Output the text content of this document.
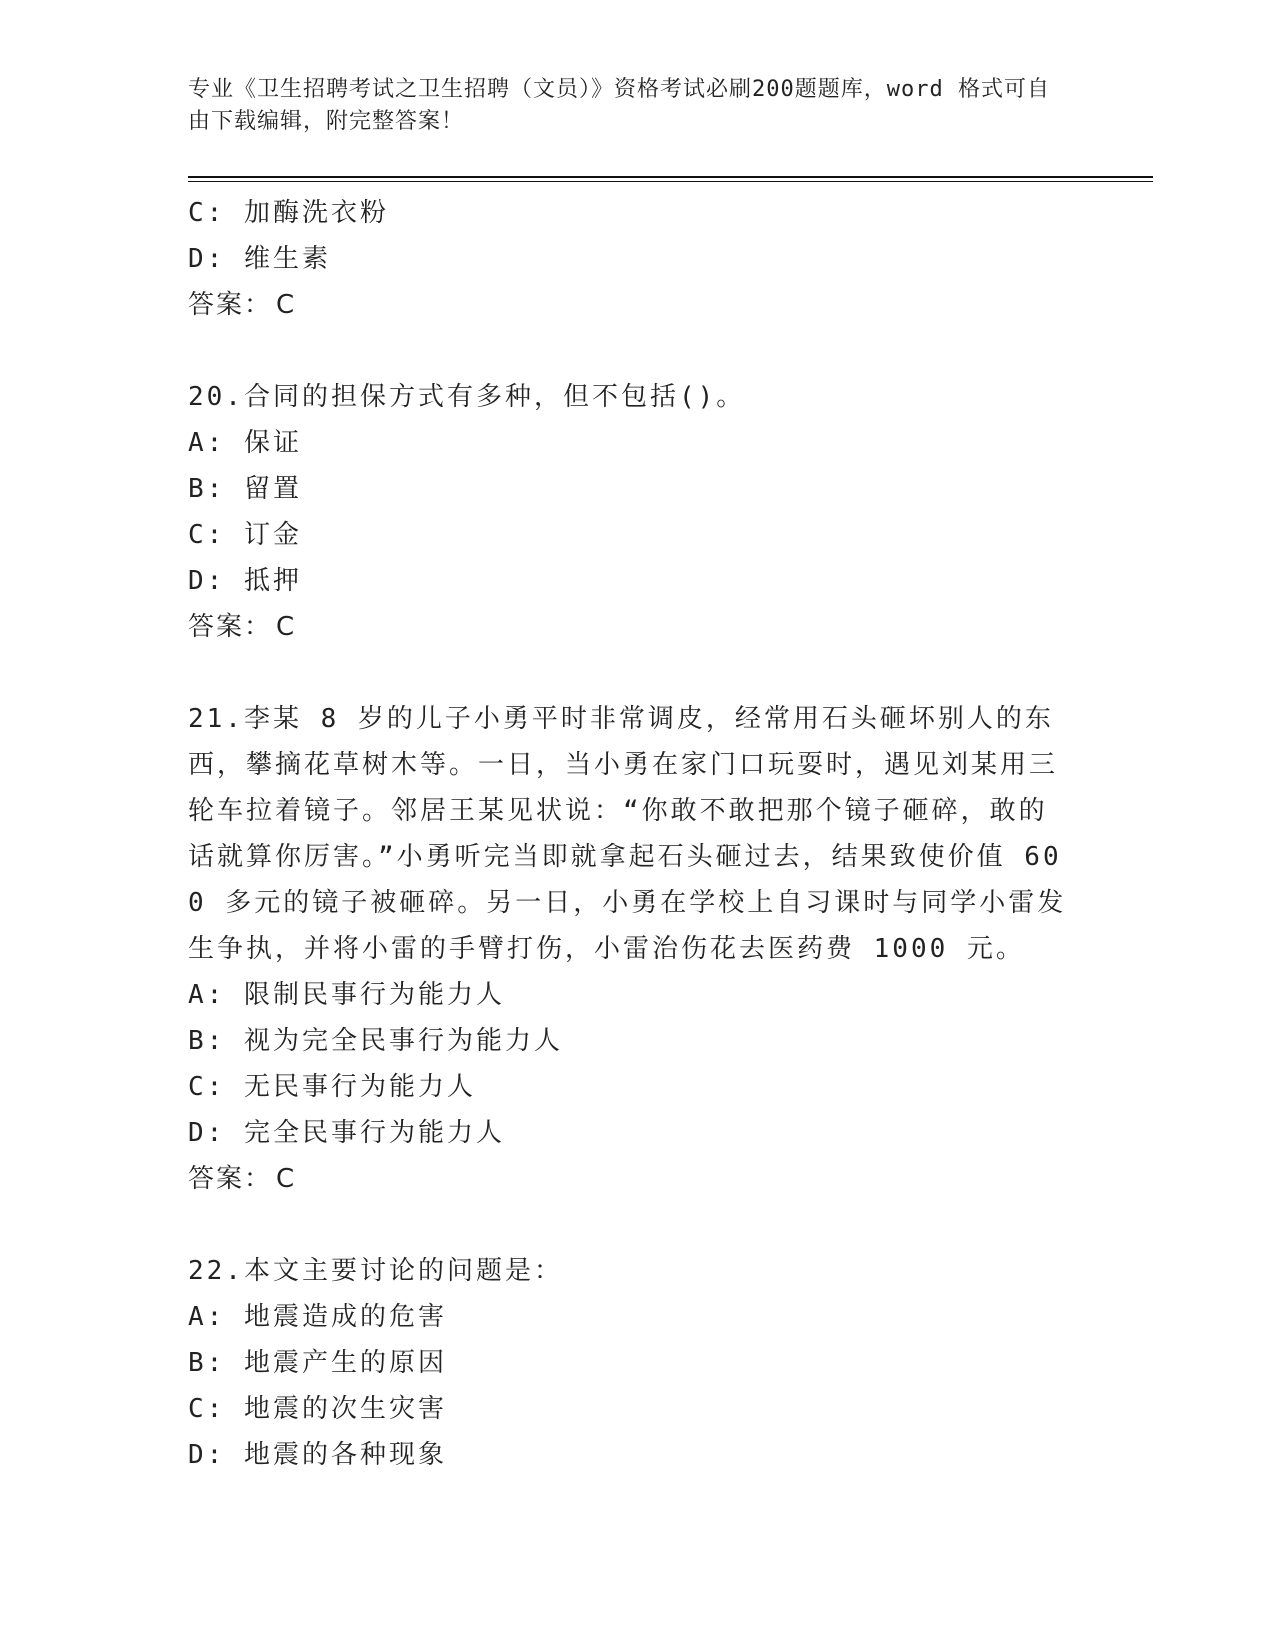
专业《卫生招聘考试之卫生招聘（文员）》资格考试必刷200题题库，word 格式可自由下载编辑，附完整答案！
C: 加酶洗衣粉
D: 维生素
答案： C
20.合同的担保方式有多种，但不包括()。
A: 保证
B: 留置
C: 订金
D: 抵押
答案： C
21.李某 8 岁的儿子小勇平时非常调皮，经常用石头砸坏别人的东西，攀摘花草树木等。一日，当小勇在家门口玩耍时，遇见刘某用三轮车拉着镜子。邻居王某见状说：“你敢不敢把那个镜子砸碎，敢的话就算你厉害。”小勇听完当即就拿起石头砸过去，结果致使价值 600 多元的镜子被砸碎。另一日，小勇在学校上自习课时与同学小雷发生争执，并将小雷的手臂打伤，小雷治伤花去医药费 1000 元。
A: 限制民事行为能力人
B: 视为完全民事行为能力人
C: 无民事行为能力人
D: 完全民事行为能力人
答案： C
22.本文主要讨论的问题是：
A: 地震造成的危害
B: 地震产生的原因
C: 地震的次生灾害
D: 地震的各种现象
